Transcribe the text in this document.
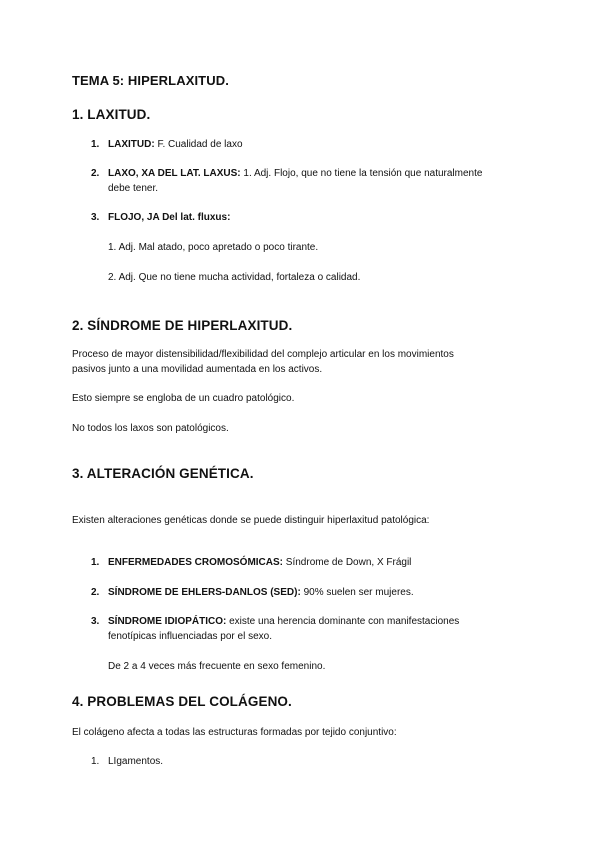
TEMA 5: HIPERLAXITUD.
1. LAXITUD.
1. LAXITUD: F. Cualidad de laxo
2. LAXO, XA DEL LAT. LAXUS: 1. Adj. Flojo, que no tiene la tensión que naturalmente
debe tener.
3. FLOJO, JA Del lat. fluxus:
1. Adj. Mal atado, poco apretado o poco tirante.
2. Adj. Que no tiene mucha actividad, fortaleza o calidad.
2. SÍNDROME DE HIPERLAXITUD.
Proceso de mayor distensibilidad/flexibilidad del complejo articular en los movimientos
pasivos junto a una movilidad aumentada en los activos.
Esto siempre se engloba de un cuadro patológico.
No todos los laxos son patológicos.
3. ALTERACIÓN GENÉTICA.
Existen alteraciones genéticas donde se puede distinguir hiperlaxitud patológica:
1. ENFERMEDADES CROMOSÓMICAS: Síndrome de Down, X Frágil
2. SÍNDROME DE EHLERS-DANLOS (SED): 90% suelen ser mujeres.
3. SÍNDROME IDIOPÁTICO: existe una herencia dominante con manifestaciones
fenotípicas influenciadas por el sexo.
De 2 a 4 veces más frecuente en sexo femenino.
4. PROBLEMAS DEL COLÁGENO.
El colágeno afecta a todas las estructuras formadas por tejido conjuntivo:
1. LIgamentos.
